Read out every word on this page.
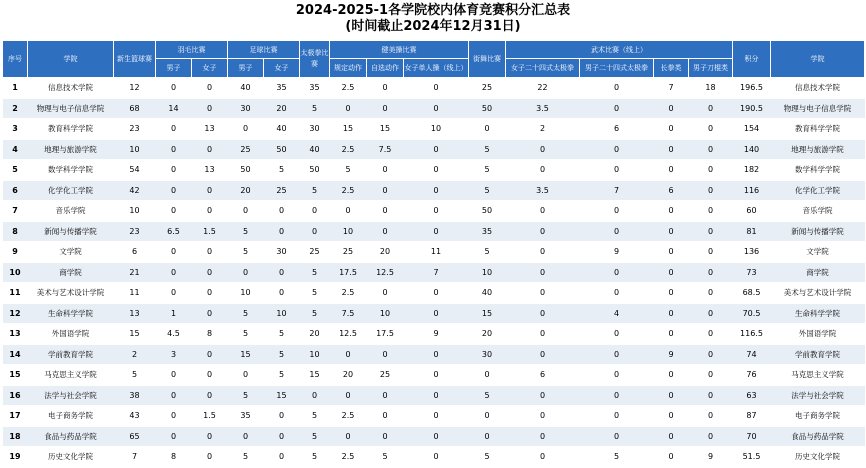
2024-2025-1各学院校内体育竞赛积分汇总表
(时间截止2024年12月31日)
序号	学院	新生篮球赛	羽毛比赛		足球比赛		太极拳比赛	健美操比赛			街舞比赛	武术比赛（线上）				积分	学院
			男子	女子	男子	女子		规定动作	自选动作	女子单人操（线上）		女子二十四式太极拳	男子二十四式太极拳	长拳类	男子刀棍类		
1	信息技术学院	12	0	0	40	35	35	2.5	0	0	25	22	0	7	18	196.5	信息技术学院
2	物理与电子信息学院	68	14	0	30	20	5	0	0	0	50	3.5	0	0	0	190.5	物理与电子信息学院
3	教育科学学院	23	0	13	0	40	30	15	15	10	0	2	6	0	0	154	教育科学学院
4	地理与旅游学院	10	0	0	25	50	40	2.5	7.5	0	5	0	0	0	0	140	地理与旅游学院
5	数学科学学院	54	0	13	50	5	50	5	0	0	5	0	0	0	0	182	数学科学学院
6	化学化工学院	42	0	0	20	25	5	2.5	0	0	5	3.5	7	6	0	116	化学化工学院
7	音乐学院	10	0	0	0	0	0	0	0	0	50	0	0	0	0	60	音乐学院
8	新闻与传播学院	23	6.5	1.5	5	0	0	10	0	0	35	0	0	0	0	81	新闻与传播学院
9	文学院	6	0	0	5	30	25	25	20	11	5	0	9	0	0	136	文学院
10	商学院	21	0	0	0	0	5	17.5	12.5	7	10	0	0	0	0	73	商学院
11	美术与艺术设计学院	11	0	0	10	0	5	2.5	0	0	40	0	0	0	0	68.5	美术与艺术设计学院
12	生命科学学院	13	1	0	5	10	5	7.5	10	0	15	0	4	0	0	70.5	生命科学学院
13	外国语学院	15	4.5	8	5	5	20	12.5	17.5	9	20	0	0	0	0	116.5	外国语学院
14	学前教育学院	2	3	0	15	5	10	0	0	0	30	0	0	9	0	74	学前教育学院
15	马克思主义学院	5	0	0	0	5	15	20	25	0	0	6	0	0	0	76	马克思主义学院
16	法学与社会学院	38	0	0	5	15	0	0	0	0	5	0	0	0	0	63	法学与社会学院
17	电子商务学院	43	0	1.5	35	0	5	2.5	0	0	0	0	0	0	0	87	电子商务学院
18	食品与药品学院	65	0	0	0	0	5	0	0	0	0	0	0	0	0	70	食品与药品学院
19	历史文化学院	7	8	0	5	0	5	2.5	5	0	5	0	5	0	9	51.5	历史文化学院
